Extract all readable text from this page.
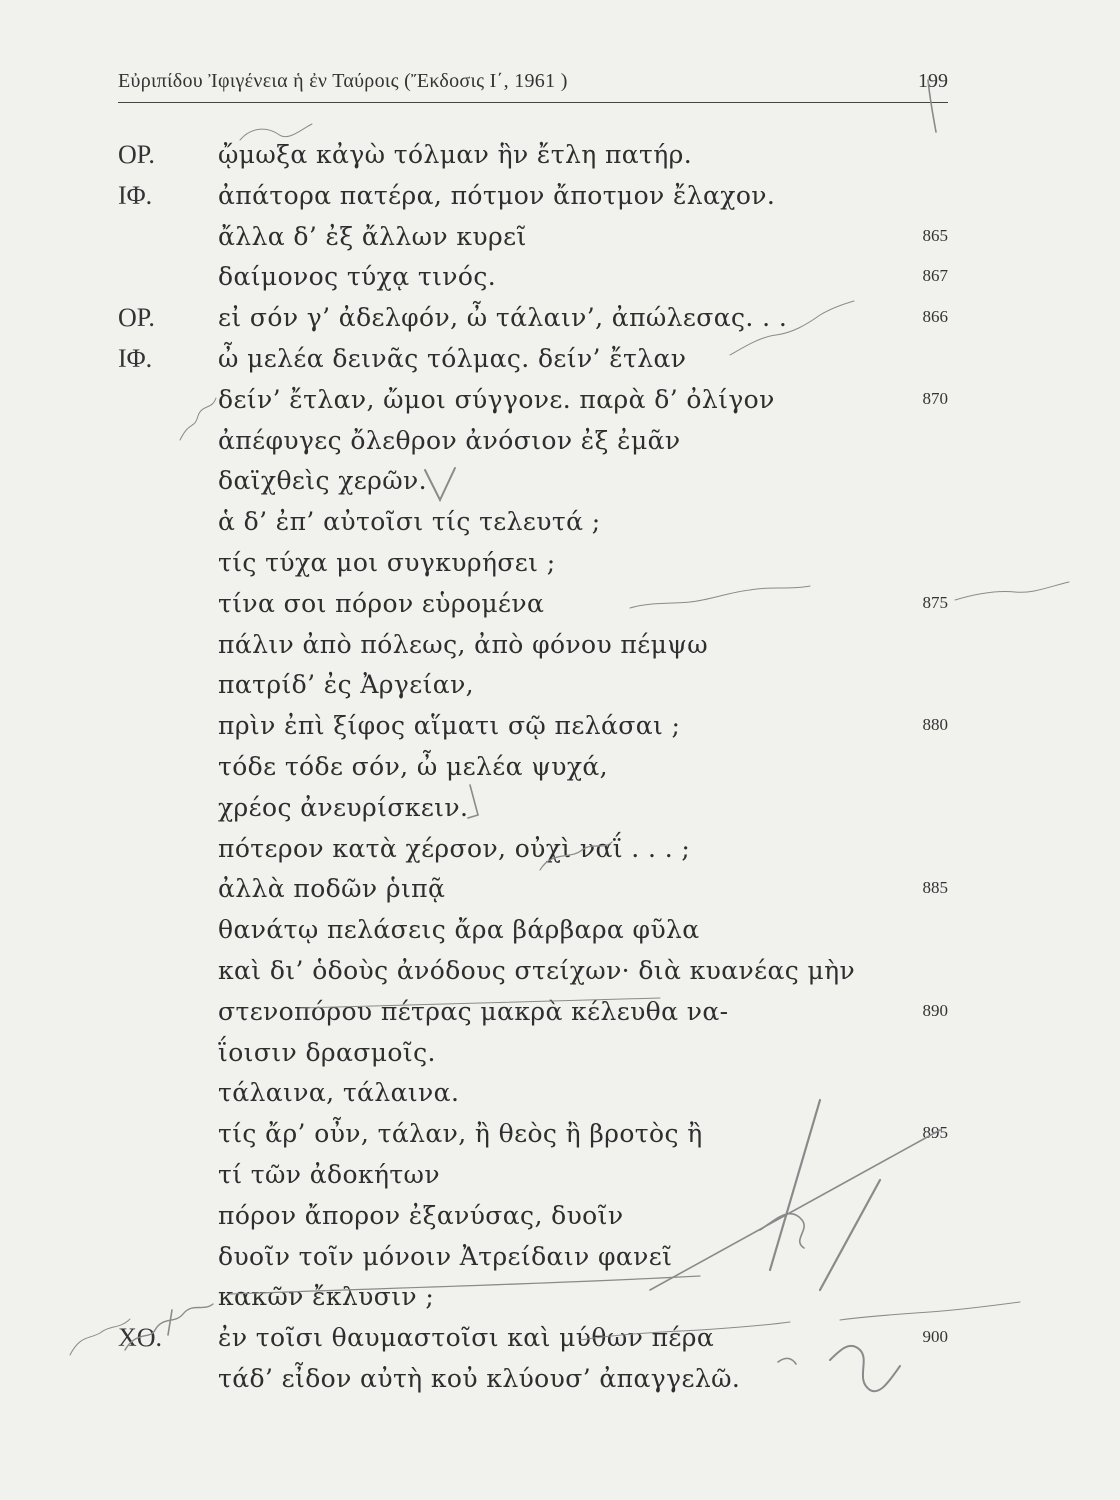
Εὐριπίδου Ἰφιγένεια ἡ ἐν Ταύροις (Ἔκδοσις Ι΄, 1961 )	199
ΟΡ.	ᾤμωξα κἀγὼ τόλμαν ἣν ἔτλη πατήρ.
ΙΦ.	ἀπάτορα πατέρα, πότμον ἄποτμον ἔλαχον.
ἄλλα δ’ ἐξ ἄλλων κυρεῖ	865
δαίμονος τύχᾳ τινός.	867
ΟΡ.	εἰ σόν γ’ ἀδελφόν, ὦ τάλαιν’, ἀπώλεσας. . .	866
ΙΦ.	ὦ μελέα δεινᾶς τόλμας. δείν’ ἔτλαν
δείν’ ἔτλαν, ὤμοι σύγγονε. παρὰ δ’ ὀλίγον	870
ἀπέφυγες ὄλεθρον ἀνόσιον ἐξ ἐμᾶν
δαϊχθεὶς χερῶν.
ἁ δ’ ἐπ’ αὐτοῖσι τίς τελευτά ;
τίς τύχα μοι συγκυρήσει ;
τίνα σοι πόρον εὑρομένα	875
πάλιν ἀπὸ πόλεως, ἀπὸ φόνου πέμψω
πατρίδ’ ἐς Ἀργείαν,
πρὶν ἐπὶ ξίφος αἵματι σῷ πελάσαι ;	880
τόδε τόδε σόν, ὦ μελέα ψυχά,
χρέος ἀνευρίσκειν.
πότερον κατὰ χέρσον, οὐχὶ ναΐ . . . ;
ἀλλὰ ποδῶν ῥιπᾷ	885
θανάτῳ πελάσεις ἄρα βάρβαρα φῦλα
καὶ δι’ ὁδοὺς ἀνόδους στείχων· διὰ κυανέας μὴν
στενοπόρου πέτρας μακρὰ κέλευθα να-	890
ΐοισιν δρασμοῖς.
τάλαινα, τάλαινα.
τίς ἄρ’ οὖν, τάλαν, ἢ θεὸς ἢ βροτὸς ἢ	895
τί τῶν ἀδοκήτων
πόρον ἄπορον ἐξανύσας, δυοῖν
δυοῖν τοῖν μόνοιν Ἀτρείδαιν φανεῖ
κακῶν ἔκλυσιν ;
ΧΟ. ἐν τοῖσι θαυμαστοῖσι καὶ μύθων πέρα	900
τάδ’ εἶδον αὐτὴ κοὐ κλύουσ’ ἀπαγγελῶ.
